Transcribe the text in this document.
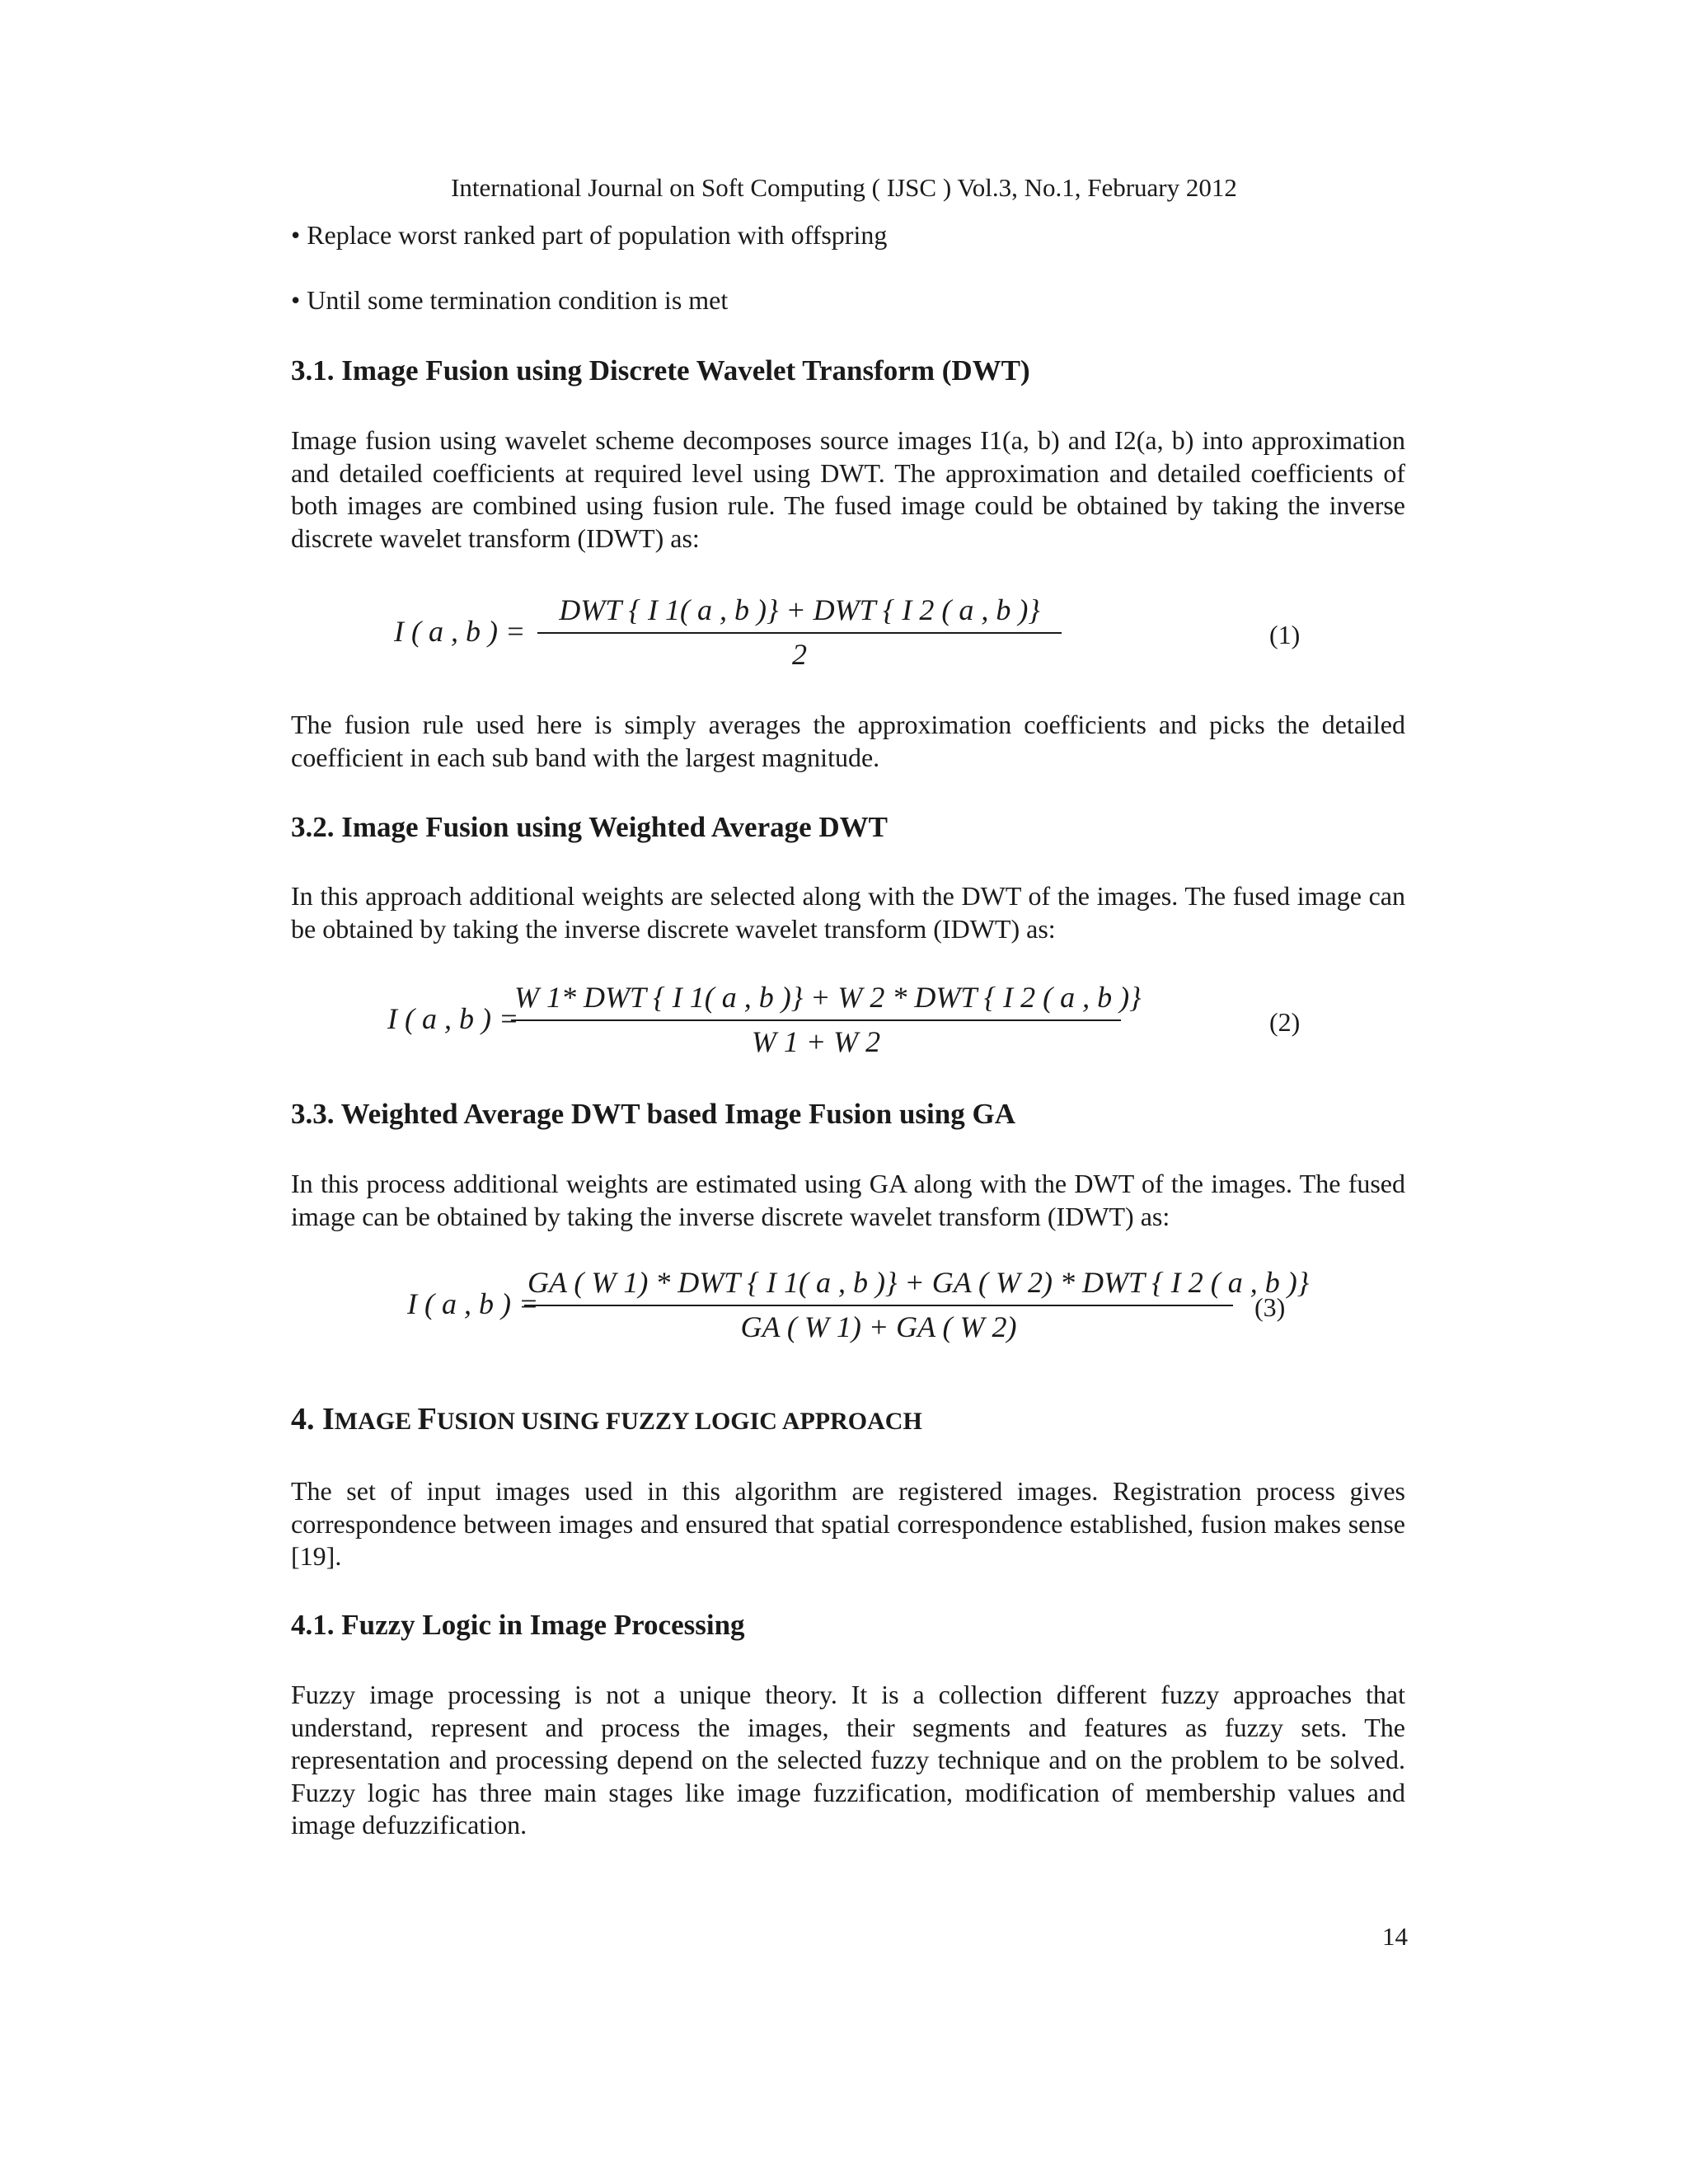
International Journal on Soft Computing ( IJSC ) Vol.3, No.1, February 2012
• Replace worst ranked part of population with offspring
• Until some termination condition is met
3.1. Image Fusion using Discrete Wavelet Transform (DWT)
Image fusion using wavelet scheme decomposes source images I1(a, b) and I2(a, b) into approximation and detailed coefficients at required level using DWT. The approximation and detailed coefficients of both images are combined using fusion rule. The fused image could be obtained by taking the inverse discrete wavelet transform (IDWT) as:
I ( a , b ) =
DWT { I 1( a , b )} + DWT { I 2 ( a , b )}
2
(1)
The fusion rule used here is simply averages the approximation coefficients and picks the detailed coefficient in each sub band with the largest magnitude.
3.2. Image Fusion using Weighted Average DWT
In this approach additional weights are selected along with the DWT of the images. The fused image can be obtained by taking the inverse discrete wavelet transform (IDWT) as:
I ( a , b ) =
W 1* DWT { I 1( a , b )} + W 2 * DWT { I 2 ( a , b )}
W 1 + W 2
(2)
3.3. Weighted Average DWT based Image Fusion using GA
In this process additional weights are estimated using GA along with the DWT of the images. The fused image can be obtained by taking the inverse discrete wavelet transform (IDWT) as:
I ( a , b ) =
GA ( W 1) * DWT { I 1( a , b )} + GA ( W 2) * DWT { I 2 ( a , b )}
GA ( W 1) + GA ( W 2)
(3)
4. IMAGE FUSION USING FUZZY LOGIC APPROACH
The set of input images used in this algorithm are registered images. Registration process gives correspondence between images and ensured that spatial correspondence established, fusion makes sense [19].
4.1. Fuzzy Logic in Image Processing
Fuzzy image processing is not a unique theory. It is a collection different fuzzy approaches that understand, represent and process the images, their segments and features as fuzzy sets. The representation and processing depend on the selected fuzzy technique and on the problem to be solved. Fuzzy logic has three main stages like image fuzzification, modification of membership values and image defuzzification.
14
